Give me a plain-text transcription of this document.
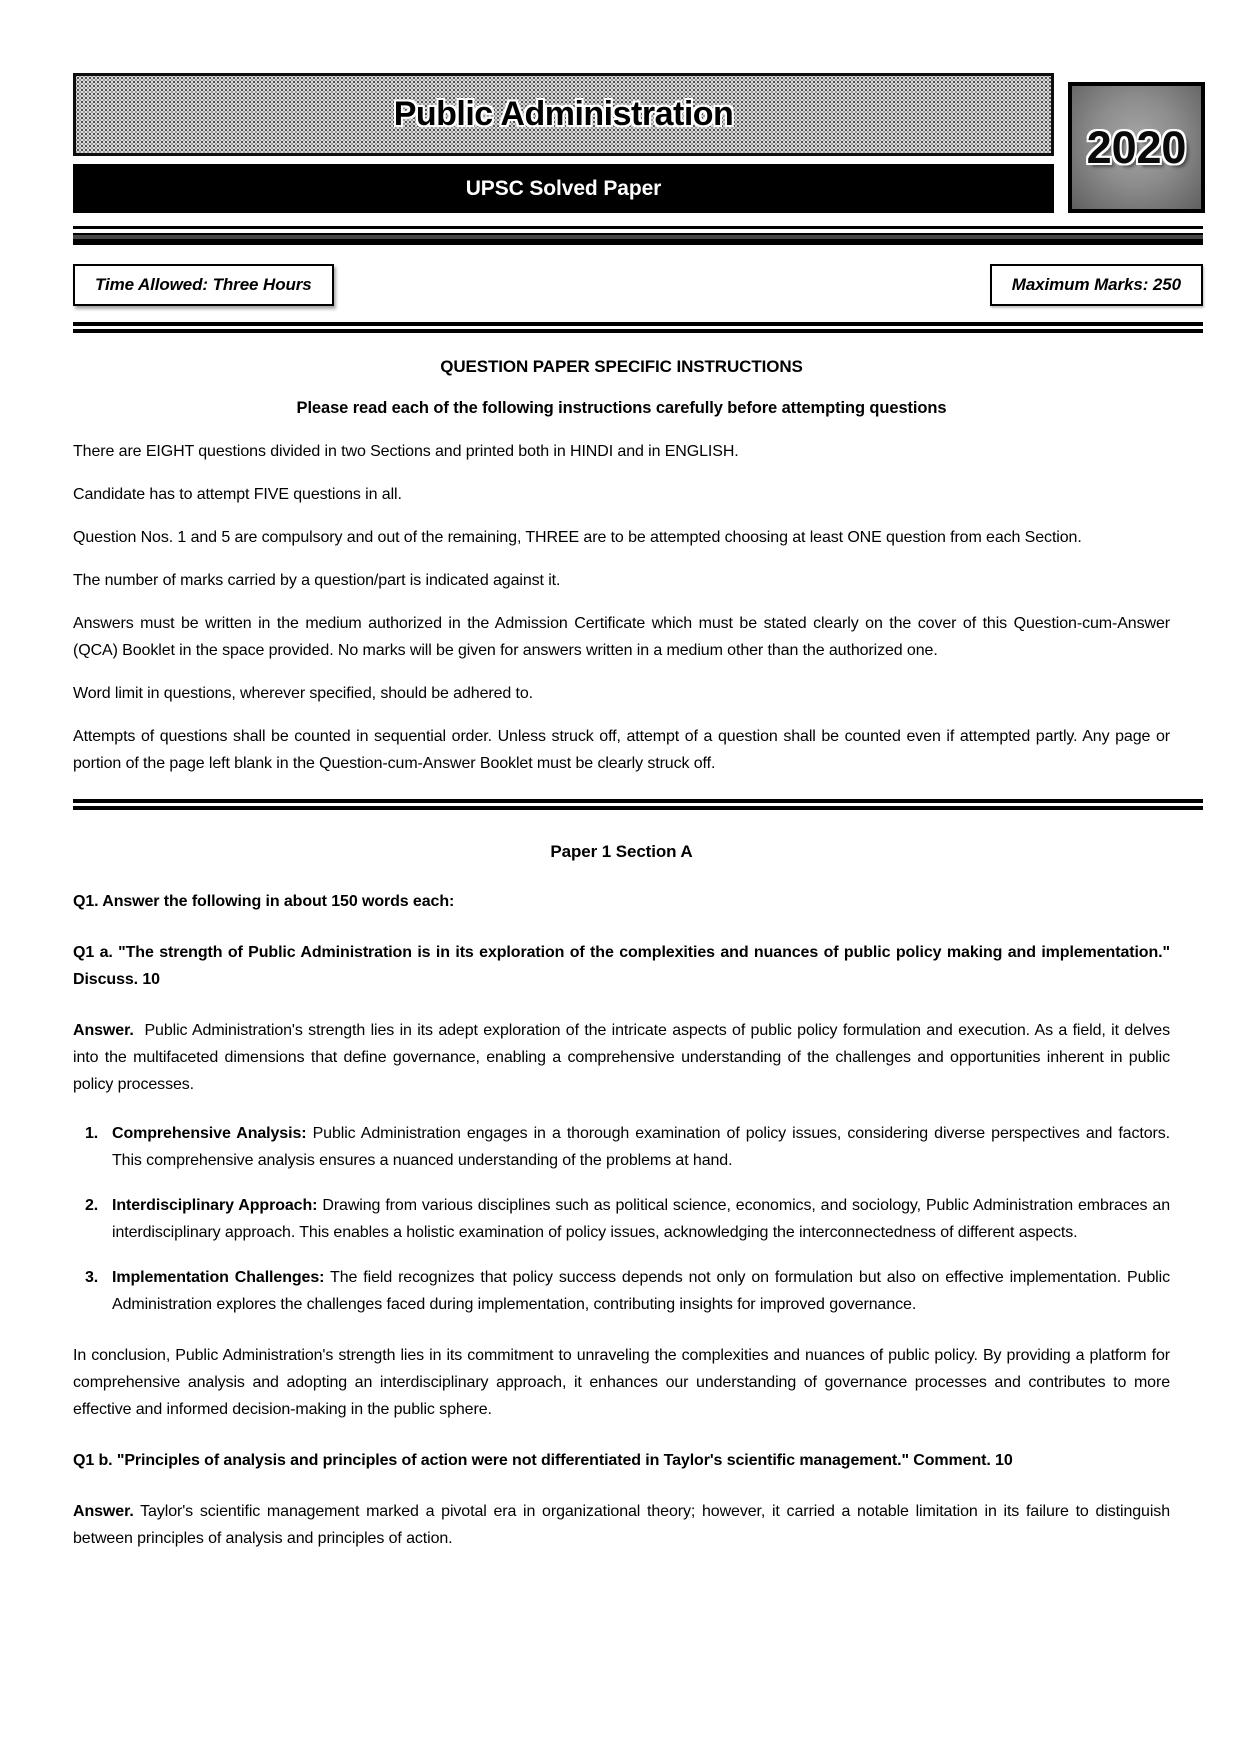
Public Administration
UPSC Solved Paper
2020
Time Allowed: Three Hours	Maximum Marks: 250
QUESTION PAPER SPECIFIC INSTRUCTIONS
Please read each of the following instructions carefully before attempting questions

There are EIGHT questions divided in two Sections and printed both in HINDI and in ENGLISH.

Candidate has to attempt FIVE questions in all.

Question Nos. 1 and 5 are compulsory and out of the remaining, THREE are to be attempted choosing at least ONE question from each Section.

The number of marks carried by a question/part is indicated against it.

Answers must be written in the medium authorized in the Admission Certificate which must be stated clearly on the cover of this Question-cum-Answer (QCA) Booklet in the space provided. No marks will be given for answers written in a medium other than the authorized one.

Word limit in questions, wherever specified, should be adhered to.

Attempts of questions shall be counted in sequential order. Unless struck off, attempt of a question shall be counted even if attempted partly. Any page or portion of the page left blank in the Question-cum-Answer Booklet must be clearly struck off.

Paper 1 Section A
Q1. Answer the following in about 150 words each:
Q1 a. "The strength of Public Administration is in its exploration of the complexities and nuances of public policy making and implementation." Discuss. 10

Answer. Public Administration's strength lies in its adept exploration of the intricate aspects of public policy formulation and execution. As a field, it delves into the multifaceted dimensions that define governance, enabling a comprehensive understanding of the challenges and opportunities inherent in public policy processes.

1. Comprehensive Analysis: Public Administration engages in a thorough examination of policy issues, considering diverse perspectives and factors. This comprehensive analysis ensures a nuanced understanding of the problems at hand.
2. Interdisciplinary Approach: Drawing from various disciplines such as political science, economics, and sociology, Public Administration embraces an interdisciplinary approach. This enables a holistic examination of policy issues, acknowledging the interconnectedness of different aspects.
3. Implementation Challenges: The field recognizes that policy success depends not only on formulation but also on effective implementation. Public Administration explores the challenges faced during implementation, contributing insights for improved governance.

In conclusion, Public Administration's strength lies in its commitment to unraveling the complexities and nuances of public policy. By providing a platform for comprehensive analysis and adopting an interdisciplinary approach, it enhances our understanding of governance processes and contributes to more effective and informed decision-making in the public sphere.

Q1 b. "Principles of analysis and principles of action were not differentiated in Taylor's scientific management." Comment. 10

Answer. Taylor's scientific management marked a pivotal era in organizational theory; however, it carried a notable limitation in its failure to distinguish between principles of analysis and principles of action.
